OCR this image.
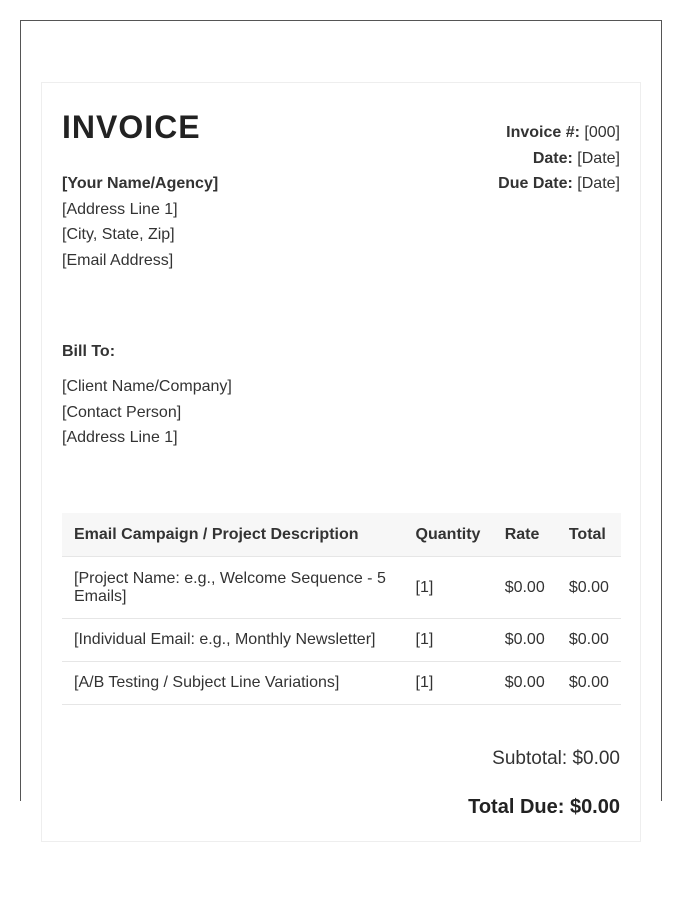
INVOICE
[Your Name/Agency]
[Address Line 1]
[City, State, Zip]
[Email Address]
Invoice #: [000]
Date: [Date]
Due Date: [Date]
Bill To:
[Client Name/Company]
[Contact Person]
[Address Line 1]
Email Campaign / Project Description	Quantity	Rate	Total
[Project Name: e.g., Welcome Sequence - 5 Emails]	[1]	$0.00	$0.00
[Individual Email: e.g., Monthly Newsletter]	[1]	$0.00	$0.00
[A/B Testing / Subject Line Variations]	[1]	$0.00	$0.00
Subtotal: $0.00
Total Due: $0.00
